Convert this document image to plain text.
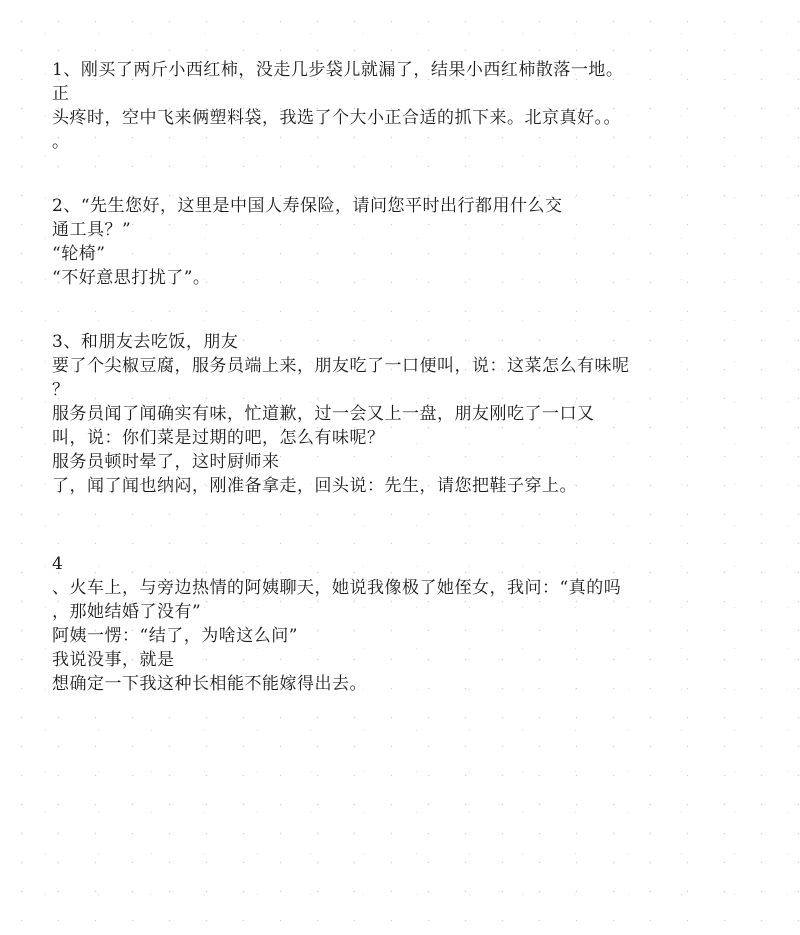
1、刚买了两斤小西红柿，没走几步袋儿就漏了，结果小西红柿散落一地。
正
头疼时，空中飞来俩塑料袋，我选了个大小正合适的抓下来。北京真好。。
。
2、“先生您好，这里是中国人寿保险，请问您平时出行都用什么交
通工具？”
“轮椅”
“不好意思打扰了”。
3、和朋友去吃饭，朋友
要了个尖椒豆腐，服务员端上来，朋友吃了一口便叫，说：这菜怎么有味呢
？
服务员闻了闻确实有味，忙道歉，过一会又上一盘，朋友刚吃了一口又
叫，说：你们菜是过期的吧，怎么有味呢？
服务员顿时晕了，这时厨师来
了，闻了闻也纳闷，刚准备拿走，回头说：先生，请您把鞋子穿上。
4
、火车上，与旁边热情的阿姨聊天，她说我像极了她侄女，我问：“真的吗
，那她结婚了没有”
阿姨一愣：“结了，为啥这么问”
我说没事，就是
想确定一下我这种长相能不能嫁得出去。
